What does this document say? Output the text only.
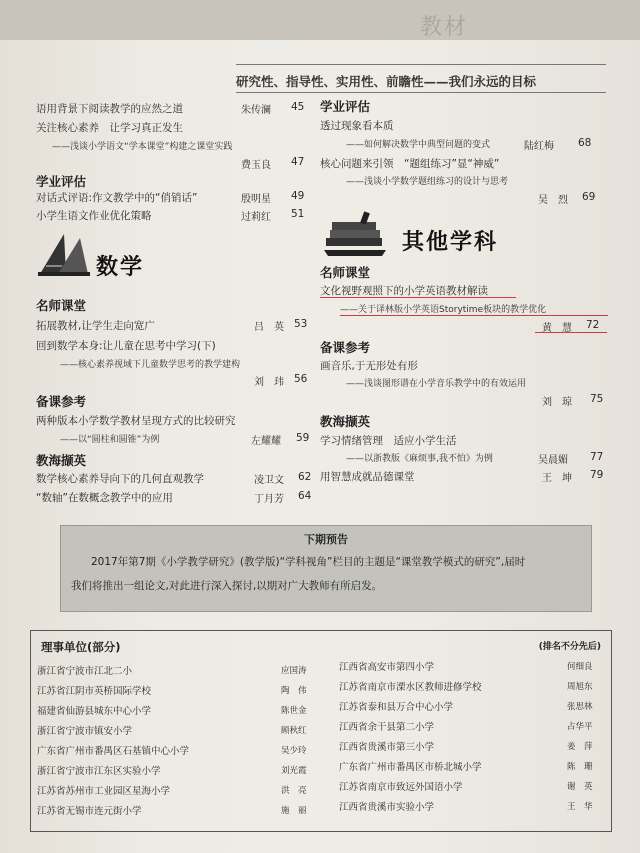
教材
研究性、指导性、实用性、前瞻性——我们永远的目标
语用背景下阅读教学的应然之道	朱传澜 45
关注核心素养　让学习真正发生
——浅谈小学语文“学本课堂”构建之课堂实践
费玉良 47
学业评估
对话式评语:作文教学中的“俏销话”	殷明星 49
小学生语文作业优化策略	过莉红 51
数学
名师课堂
拓展教材,让学生走向宽广	吕　英 53
回到数学本身:让儿童在思考中学习(下)
——核心素养视域下儿童数学思考的教学建构
刘　玮 56
备课参考
两种版本小学数学教材呈现方式的比较研究
——以“圆柱和圆锥”为例	左耀耀 59
教海撷英
数学核心素养导向下的几何直观教学	凌卫文 62
“数轴”在数概念教学中的应用	丁月芳 64
学业评估
透过现象看本质
——如何解决数学中典型问题的变式	陆红梅 68
核心问题来引领　“题组练习”显“神威”
——浅谈小学数学题组练习的设计与思考
吴　烈 69
其他学科
名师课堂
文化视野观照下的小学英语教材解读
——关于译林版小学英语Storytime板块的教学优化
黄　慧 72
备课参考
画音乐,于无形处有形
——浅谈图形谱在小学音乐教学中的有效运用
刘　琼 75
教海撷英
学习情绪管理　适应小学生活
——以浙教版《麻烦事,我不怕》为例	吴晨媚 77
用智慧成就品德课堂	王　坤 79
下期预告
2017年第7期《小学教学研究》(教学版)“学科视角”栏目的主题是“课堂教学模式的研究”,届时
我们将推出一组论文,对此进行深入探讨,以期对广大教师有所启发。
理事单位(部分)	(排名不分先后)
浙江省宁波市江北二小	应国涛
江苏省江阴市英桥国际学校	陶　伟
福建省仙游县城东中心小学	陈世金
浙江省宁波市镇安小学	顾秋红
广东省广州市番禺区石基镇中心小学	吴少玲
浙江省宁波市江东区实验小学	刘光霞
江苏省苏州市工业园区星海小学	洪　亮
江苏省无锡市连元街小学	施　丽
江西省高安市第四小学	何细良
江苏省南京市溧水区教师进修学校	周旭东
江苏省泰和县万合中心小学	张思林
江西省余干县第二小学	占华平
江西省贵溪市第三小学	姜　萍
广东省广州市番禺区市桥北城小学	陈　珊
江苏省南京市致远外国语小学	谢　英
江西省贵溪市实验小学	王　华
